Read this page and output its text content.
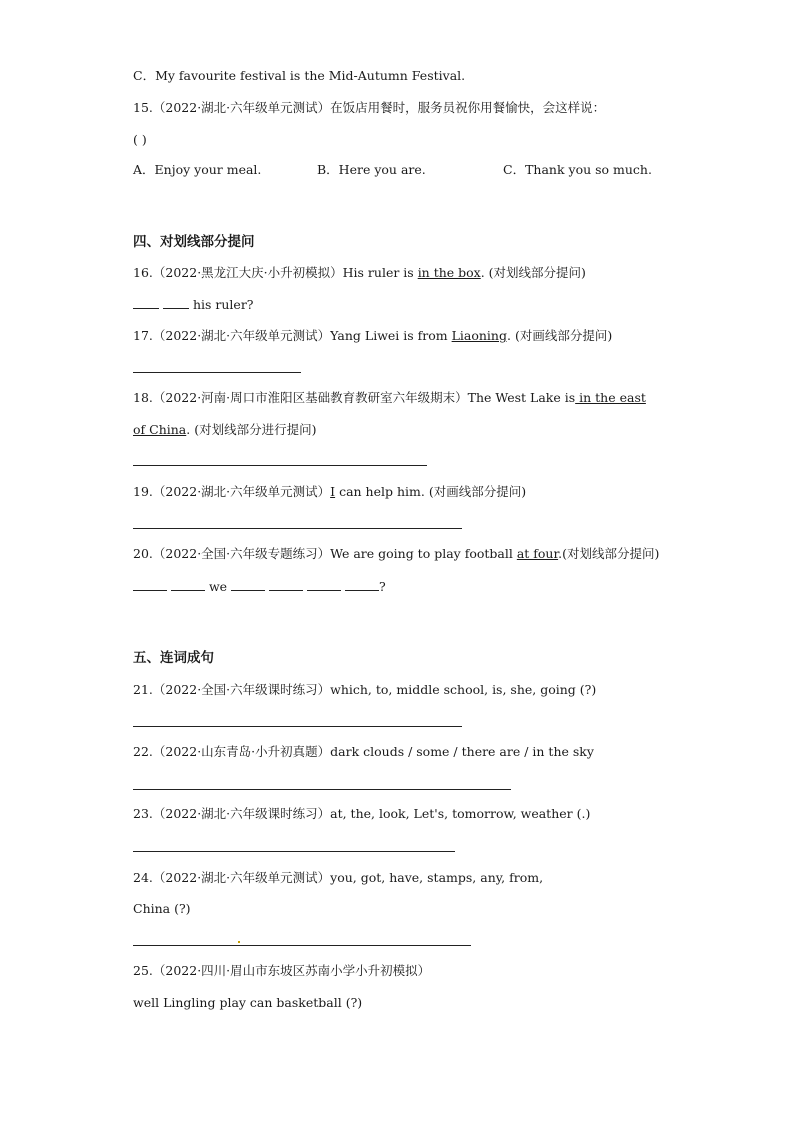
C．My favourite festival is the Mid-Autumn Festival.
15.（2022·湖北·六年级单元测试）在饭店用餐时，服务员祝你用餐愉快，会这样说：
( )
A．Enjoy your meal.	B．Here you are.	C．Thank you so much.
四、对划线部分提问
16.（2022·黑龙江大庆·小升初模拟）His ruler is in the box. (对划线部分提问)
his ruler?
17.（2022·湖北·六年级单元测试）Yang Liwei is from Liaoning. (对画线部分提问)
18.（2022·河南·周口市淮阳区基础教育教研室六年级期末）The West Lake is in the east
of China. (对划线部分进行提问)
19.（2022·湖北·六年级单元测试）I can help him. (对画线部分提问)
20.（2022·全国·六年级专题练习）We are going to play football at four.(对划线部分提问)
we	?
五、连词成句
21.（2022·全国·六年级课时练习）which, to, middle school, is, she, going (?)
22.（2022·山东青岛·小升初真题）dark clouds / some / there are / in the sky
23.（2022·湖北·六年级课时练习）at, the, look, Let's, tomorrow, weather (.)
24.（2022·湖北·六年级单元测试）you, got, have, stamps, any, from,
China (?)
25.（2022·四川·眉山市东坡区苏南小学小升初模拟）
well Lingling play can basketball (?)
